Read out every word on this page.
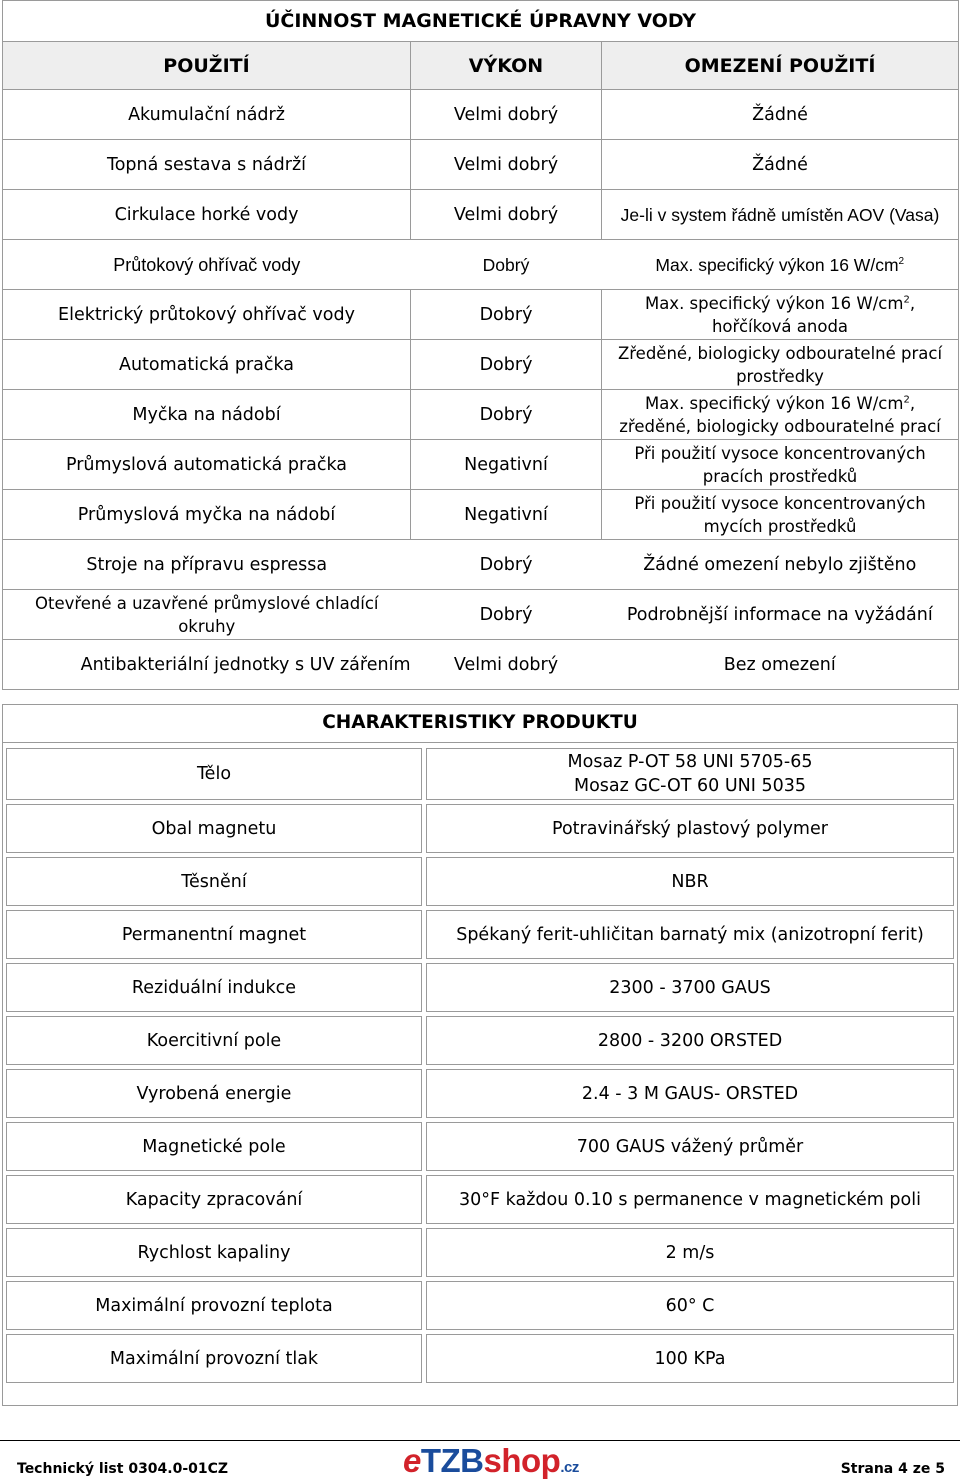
ÚČINNOST MAGNETICKÉ ÚPRAVNY VODY		
POUŽITÍ	VÝKON	OMEZENÍ POUŽITÍ
Akumulační nádrž	Velmi dobrý	Žádné
Topná sestava s nádrží	Velmi dobrý	Žádné
Cirkulace horké vody	Velmi dobrý	Je-li v system řádně umístěn AOV (Vasa)
Průtokový ohřívač vody	Dobrý	Max. specifický výkon 16 $W/cm^2$
Elektrický průtokový ohřívač vody	Dobrý	Max. specifický výkon 16 $W/cm^2$,
hořčíková anoda

Automatická pračka	Dobrý	Zředěné, biologicky odbouratelné prací
prostředky

Myčka na nádobí	Dobrý	Max. specifický výkon 16 $W/cm^2$,
zředěné, biologicky odbouratelné prací

Průmyslová automatická pračka	Negativní	Při použití vysoce koncentrovaných
pracích prostředků

Průmyslová myčka na nádobí	Negativní	Při použití vysoce koncentrovaných
mycích prostředků

Stroje na přípravu espressa	Dobrý	Žádné omezení nebylo zjištěno

Otevřené a uzavřené průmyslové chladící
okruhy	Dobrý	Podrobnější informace na vyžádání
Antibakteriální jednotky s UV zářením	Velmi dobrý	Bez omezení
CHARAKTERISTIKY PRODUKTU
Tělo	Mosaz P-OT 58 UNI 5705-65
Mosaz GC-OT 60 UNI 5035

Obal magnetu	Potravinářský plastový polymer
Těsnění	NBR
Permanentní magnet	Spékaný ferit-uhličitan barnatý mix (anizotropní ferit)
Reziduální indukce	2300 - 3700 GAUS
Koercitivní pole	2800 - 3200 ORSTED
Vyrobená energie	2.4 - 3 M GAUS- ORSTED
Magnetické pole	700 GAUS vážený průměr
Kapacity zpracování	30°F každou 0.10 s permanence v magnetickém poli
Rychlost kapaliny	2 m/s
Maximální provozní teplota	60° C
Maximální provozní tlak	100 KPa
Technický list 0304.0-01CZ	eTZBshop.cz	Strana 4 ze 5
